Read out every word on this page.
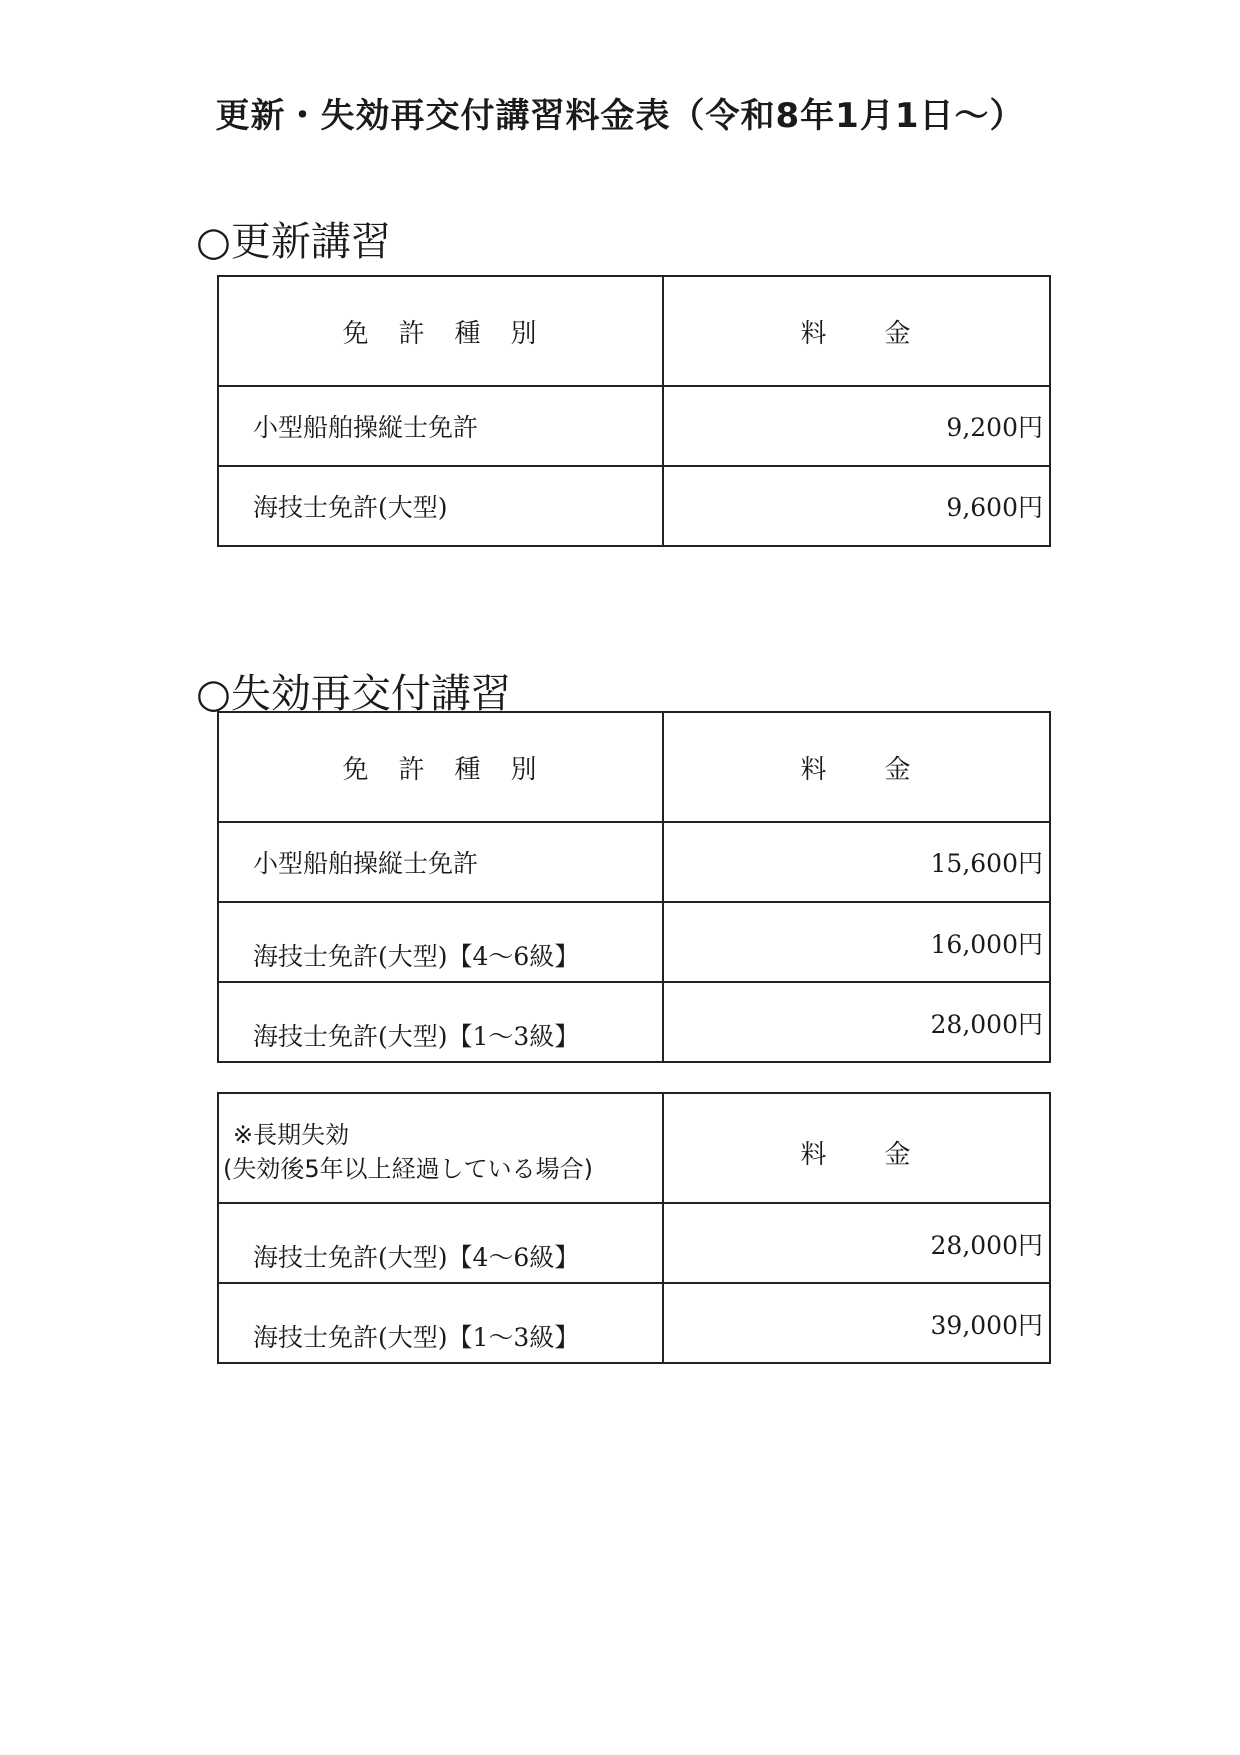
更新・失効再交付講習料金表（令和8年1月1日～）
○更新講習
免　許　種　別	料　　金
小型船舶操縦士免許	9,200円
海技士免許(大型)	9,600円
○失効再交付講習
免　許　種　別	料　　金
小型船舶操縦士免許	15,600円
海技士免許(大型)【4～6級】	16,000円
海技士免許(大型)【1～3級】	28,000円
※長期失効
(失効後5年以上経過している場合)	料　　金
海技士免許(大型)【4～6級】	28,000円
海技士免許(大型)【1～3級】	39,000円
